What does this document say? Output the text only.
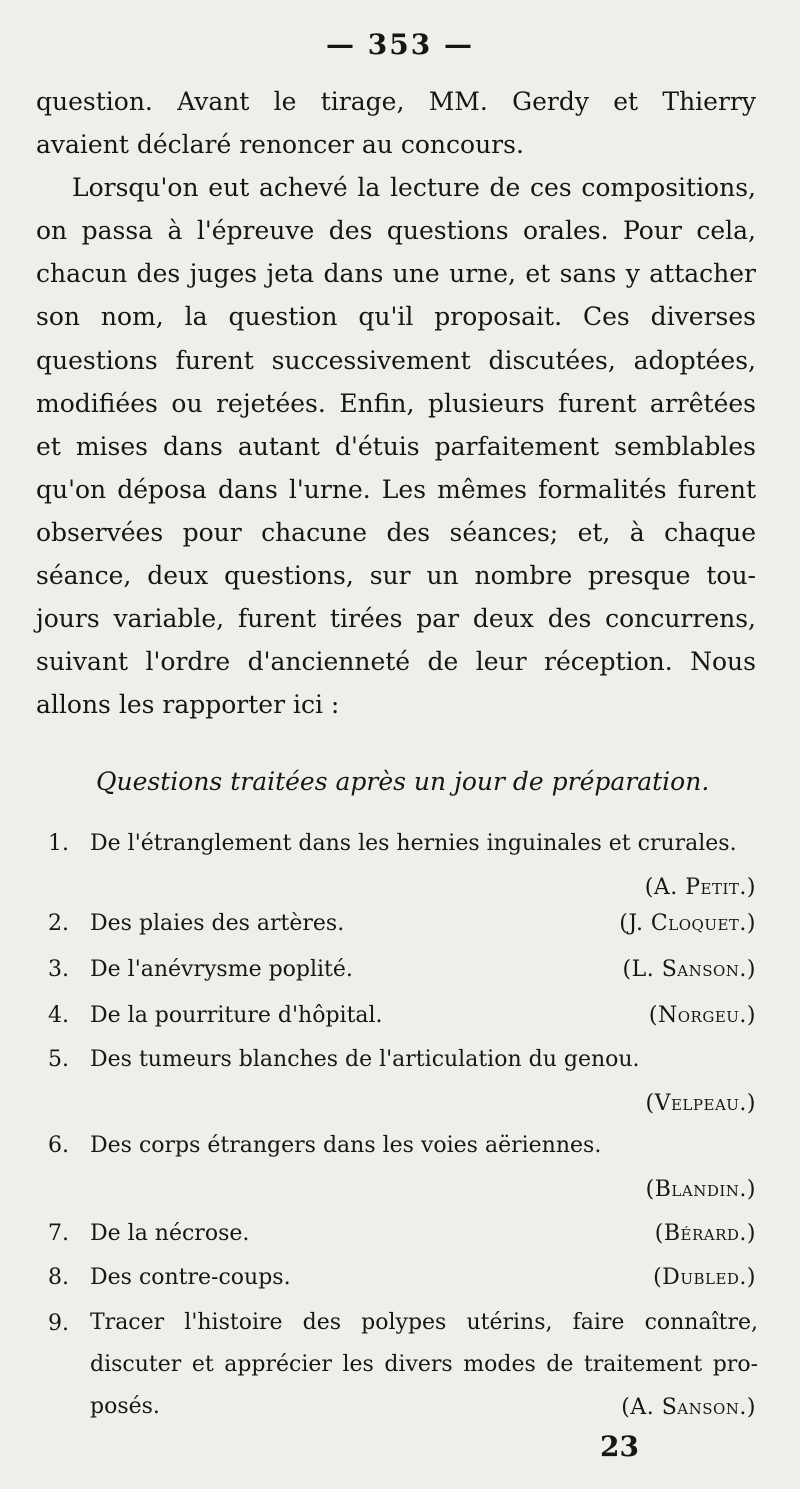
— 353 —
question. Avant le tirage, MM. Gerdy et Thierry
avaient déclaré renoncer au concours.
Lorsqu'on eut achevé la lecture de ces compositions,
on passa à l'épreuve des questions orales. Pour cela,
chacun des juges jeta dans une urne, et sans y attacher
son nom, la question qu'il proposait. Ces diverses
questions furent successivement discutées, adoptées,
modifiées ou rejetées. Enfin, plusieurs furent arrêtées
et mises dans autant d'étuis parfaitement semblables
qu'on déposa dans l'urne. Les mêmes formalités furent
observées pour chacune des séances; et, à chaque
séance, deux questions, sur un nombre presque tou-
jours variable, furent tirées par deux des concurrens,
suivant l'ordre d'ancienneté de leur réception. Nous
allons les rapporter ici :
Questions traitées après un jour de préparation.
1. De l'étranglement dans les hernies inguinales et crurales.
(A. Petit.)
2. Des plaies des artères.	(J. Cloquet.)
3. De l'anévrysme poplité.	(L. Sanson.)
4. De la pourriture d'hôpital.	(Norgeu.)
5. Des tumeurs blanches de l'articulation du genou.
(Velpeau.)
6. Des corps étrangers dans les voies aëriennes.
(Blandin.)
7. De la nécrose.	(Bérard.)
8. Des contre-coups.	(Dubled.)
9. Tracer l'histoire des polypes utérins, faire connaître, discuter et apprécier les divers modes de traitement pro-posés.	(A. Sanson.)
23
